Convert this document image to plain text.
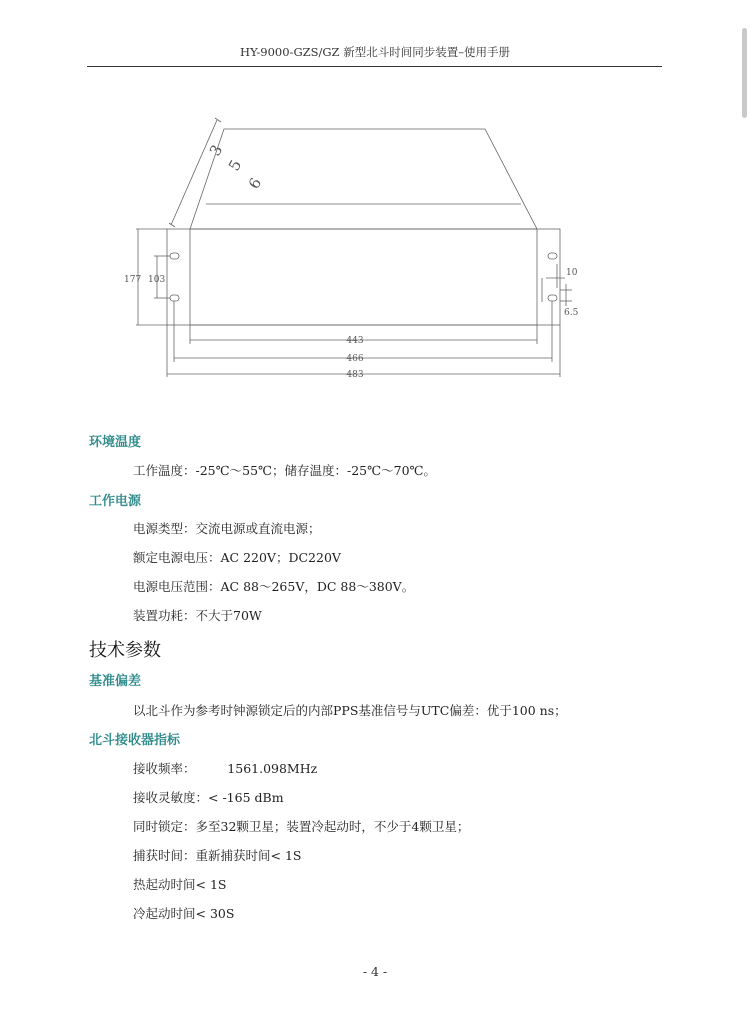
HY-9000-GZS/GZ 新型北斗时间同步装置–使用手册
3
5
6
177 103
10
6.5
443
466
483
环境温度
工作温度：-25℃～55℃；储存温度：-25℃～70℃。
工作电源
电源类型：交流电源或直流电源；
额定电源电压：AC 220V；DC220V
电源电压范围：AC 88～265V，DC 88～380V。
装置功耗：不大于70W
技术参数
基准偏差
以北斗作为参考时钟源锁定后的内部PPS基准信号与UTC偏差：优于100 ns；
北斗接收器指标
接收频率：        1561.098MHz
接收灵敏度：< -165 dBm
同时锁定：多至32颗卫星；装置冷起动时，不少于4颗卫星；
捕获时间：重新捕获时间< 1S
热起动时间< 1S
冷起动时间< 30S
- 4 -
